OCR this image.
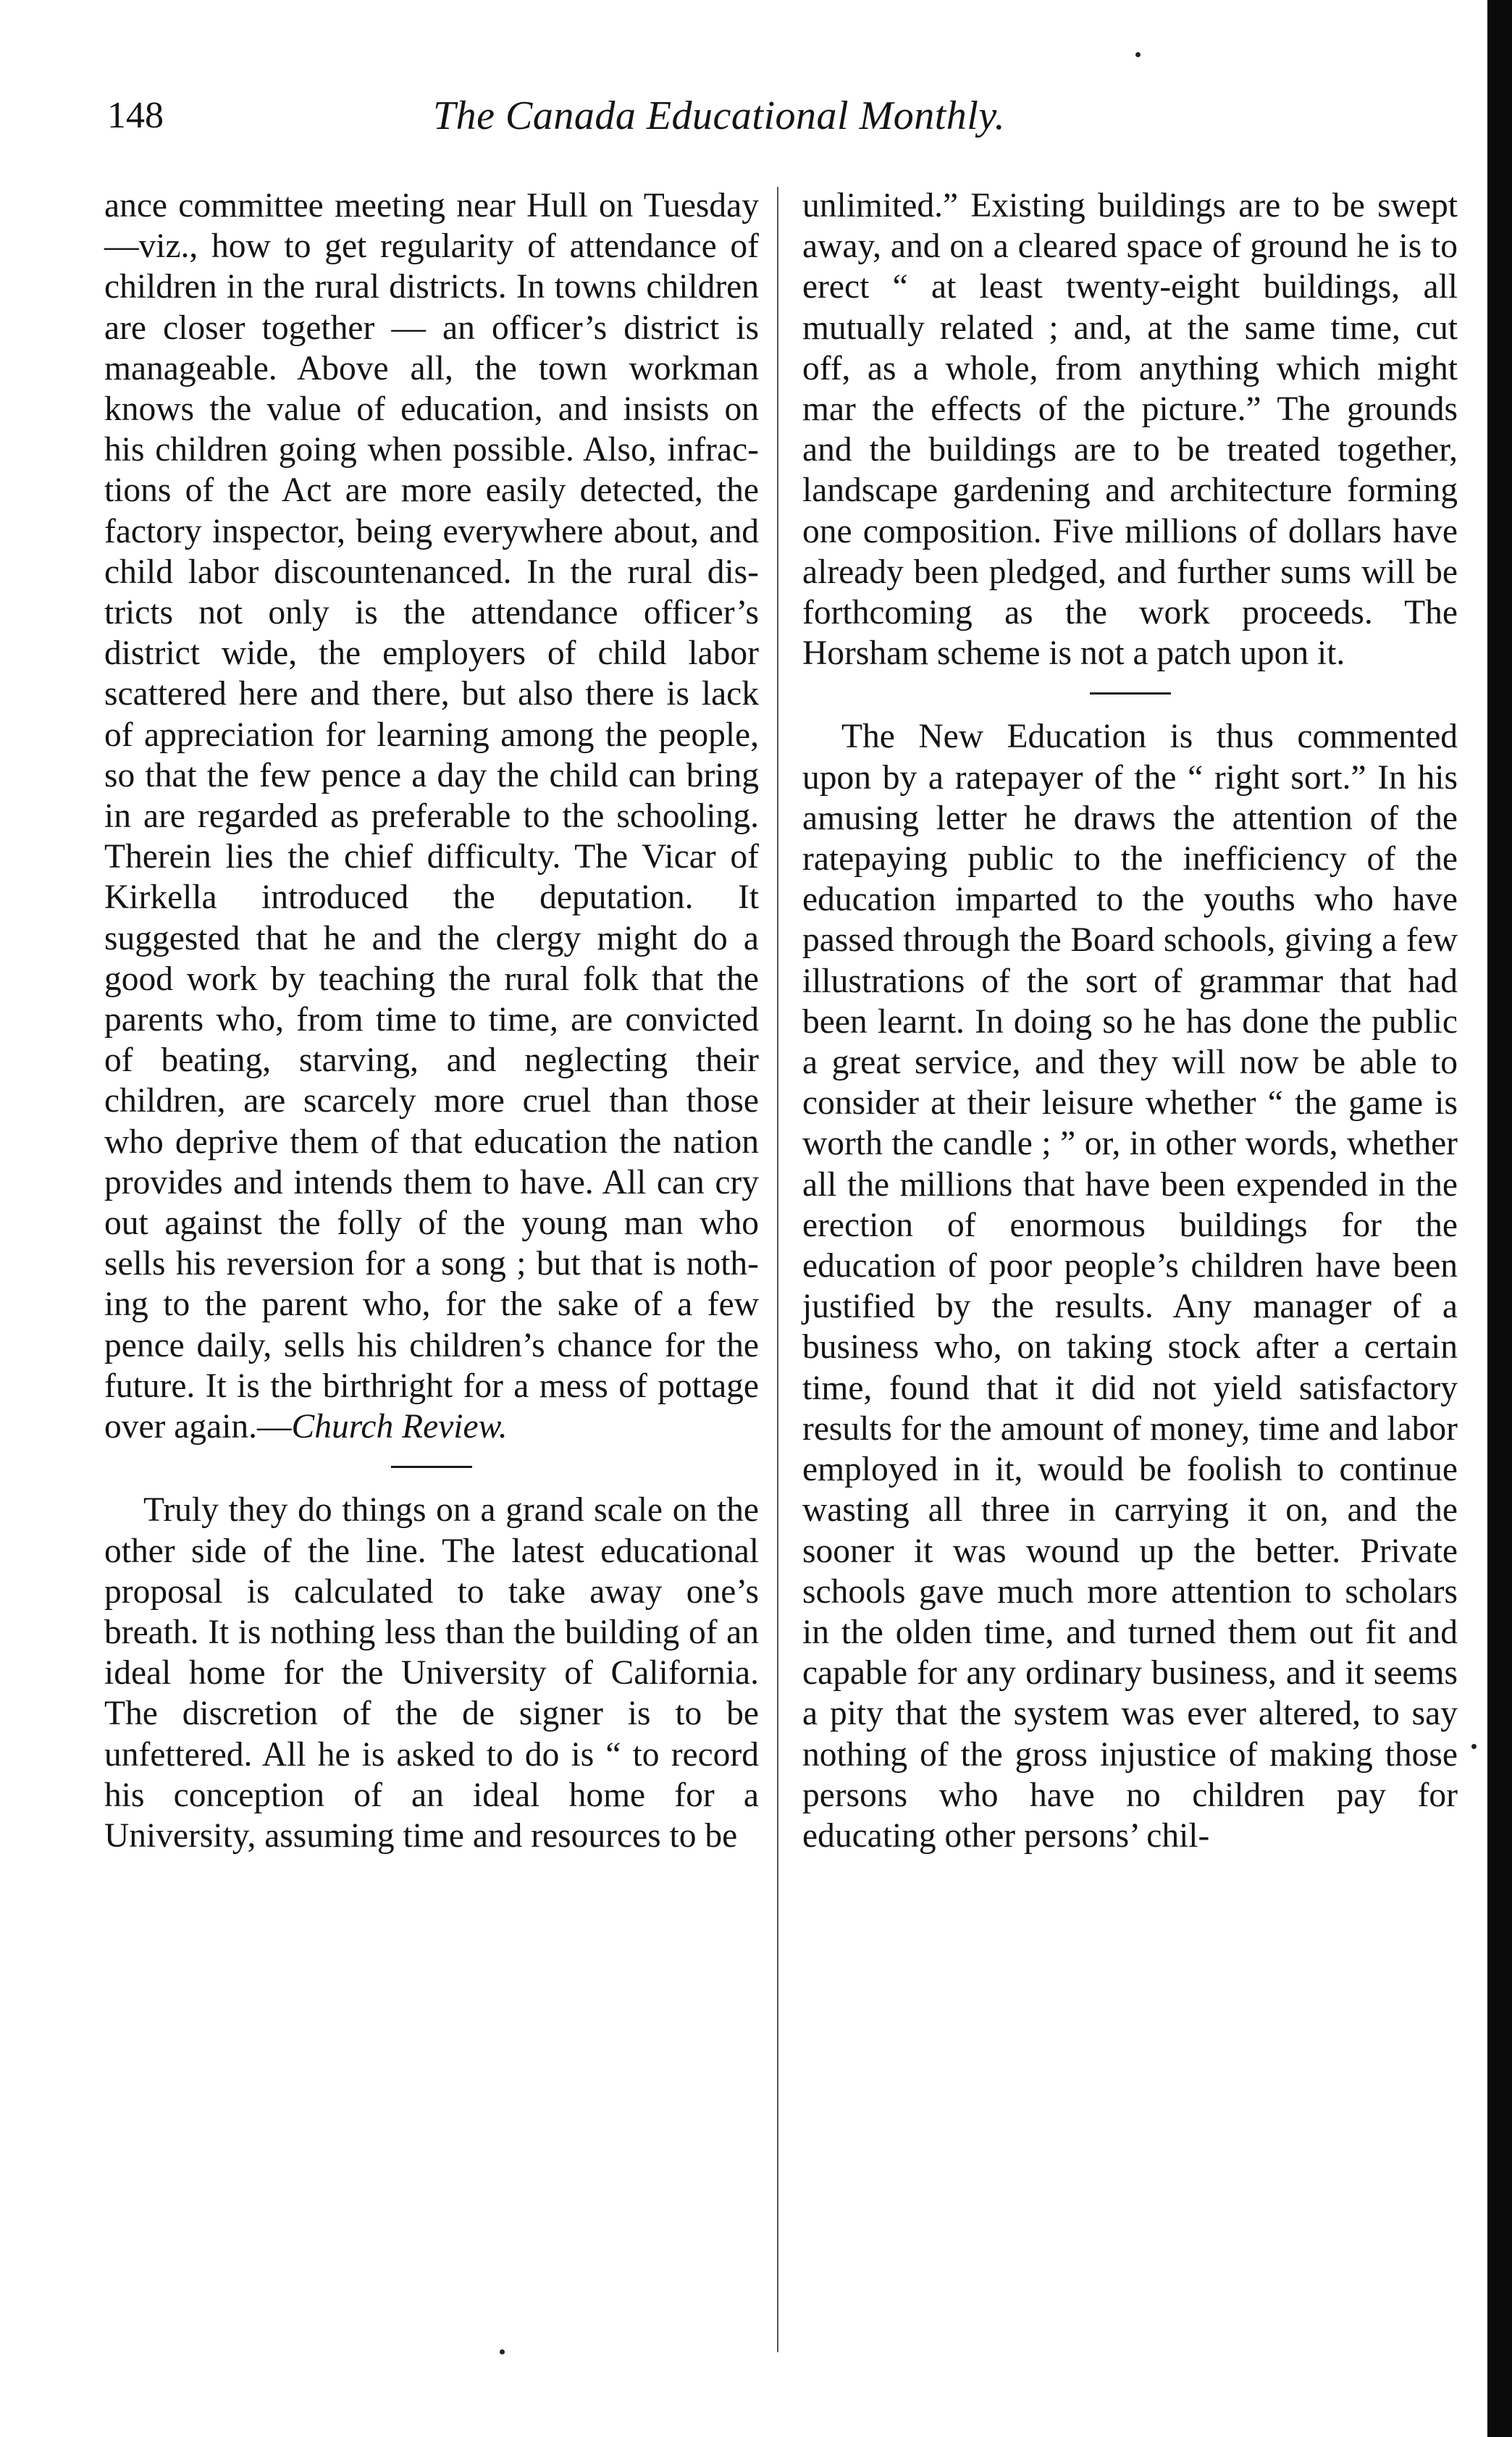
148	The Canada Educational Monthly.

ance committee meeting near Hull on Tuesday—viz., how to get regularity of attendance of children in the rural districts. In towns children are closer together — an officer’s district is manageable. Above all, the town workman knows the value of education, and insists on his children going when possible. Also, infractions of the Act are more easily detected, the factory inspector, being everywhere about, and child labor discountenanced. In the rural districts not only is the attendance officer’s district wide, the employers of child labor scattered here and there, but also there is lack of appreciation for learning among the people, so that the few pence a day the child can bring in are regarded as preferable to the schooling. Therein lies the chief difficulty. The Vicar of Kirkella introduced the deputation. It suggested that he and the clergy might do a good work by teaching the rural folk that the parents who, from time to time, are convicted of beating, starving, and neglecting their children, are scarcely more cruel than those who deprive them of that education the nation provides and intends them to have. All can cry out against the folly of the young man who sells his reversion for a song ; but that is nothing to the parent who, for the sake of a few pence daily, sells his children’s chance for the future. It is the birthright for a mess of pottage over again.—Church Review.

Truly they do things on a grand scale on the other side of the line. The latest educational proposal is calculated to take away one’s breath. It is nothing less than the building of an ideal home for the University of California. The discretion of the de signer is to be unfettered. All he is asked to do is “ to record his conception of an ideal home for a University, assuming time and resources to be

unlimited.” Existing buildings are to be swept away, and on a cleared space of ground he is to erect “ at least twenty-eight buildings, all mutually related ; and, at the same time, cut off, as a whole, from anything which might mar the effects of the picture.” The grounds and the buildings are to be treated together, landscape gardening and architecture forming one composition. Five millions of dollars have already been pledged, and further sums will be forthcoming as the work proceeds. The Horsham scheme is not a patch upon it.

The New Education is thus commented upon by a ratepayer of the “ right sort.” In his amusing letter he draws the attention of the ratepaying public to the inefficiency of the education imparted to the youths who have passed through the Board schools, giving a few illustrations of the sort of grammar that had been learnt. In doing so he has done the public a great service, and they will now be able to consider at their leisure whether “ the game is worth the candle ; ” or, in other words, whether all the millions that have been expended in the erection of enormous buildings for the education of poor people’s children have been justified by the results. Any manager of a business who, on taking stock after a certain time, found that it did not yield satisfactory results for the amount of money, time and labor employed in it, would be foolish to continue wasting all three in carrying it on, and the sooner it was wound up the better. Private schools gave much more attention to scholars in the olden time, and turned them out fit and capable for any ordinary business, and it seems a pity that the system was ever altered, to say nothing of the gross injustice of making those persons who have no children pay for educating other persons’ chil-
